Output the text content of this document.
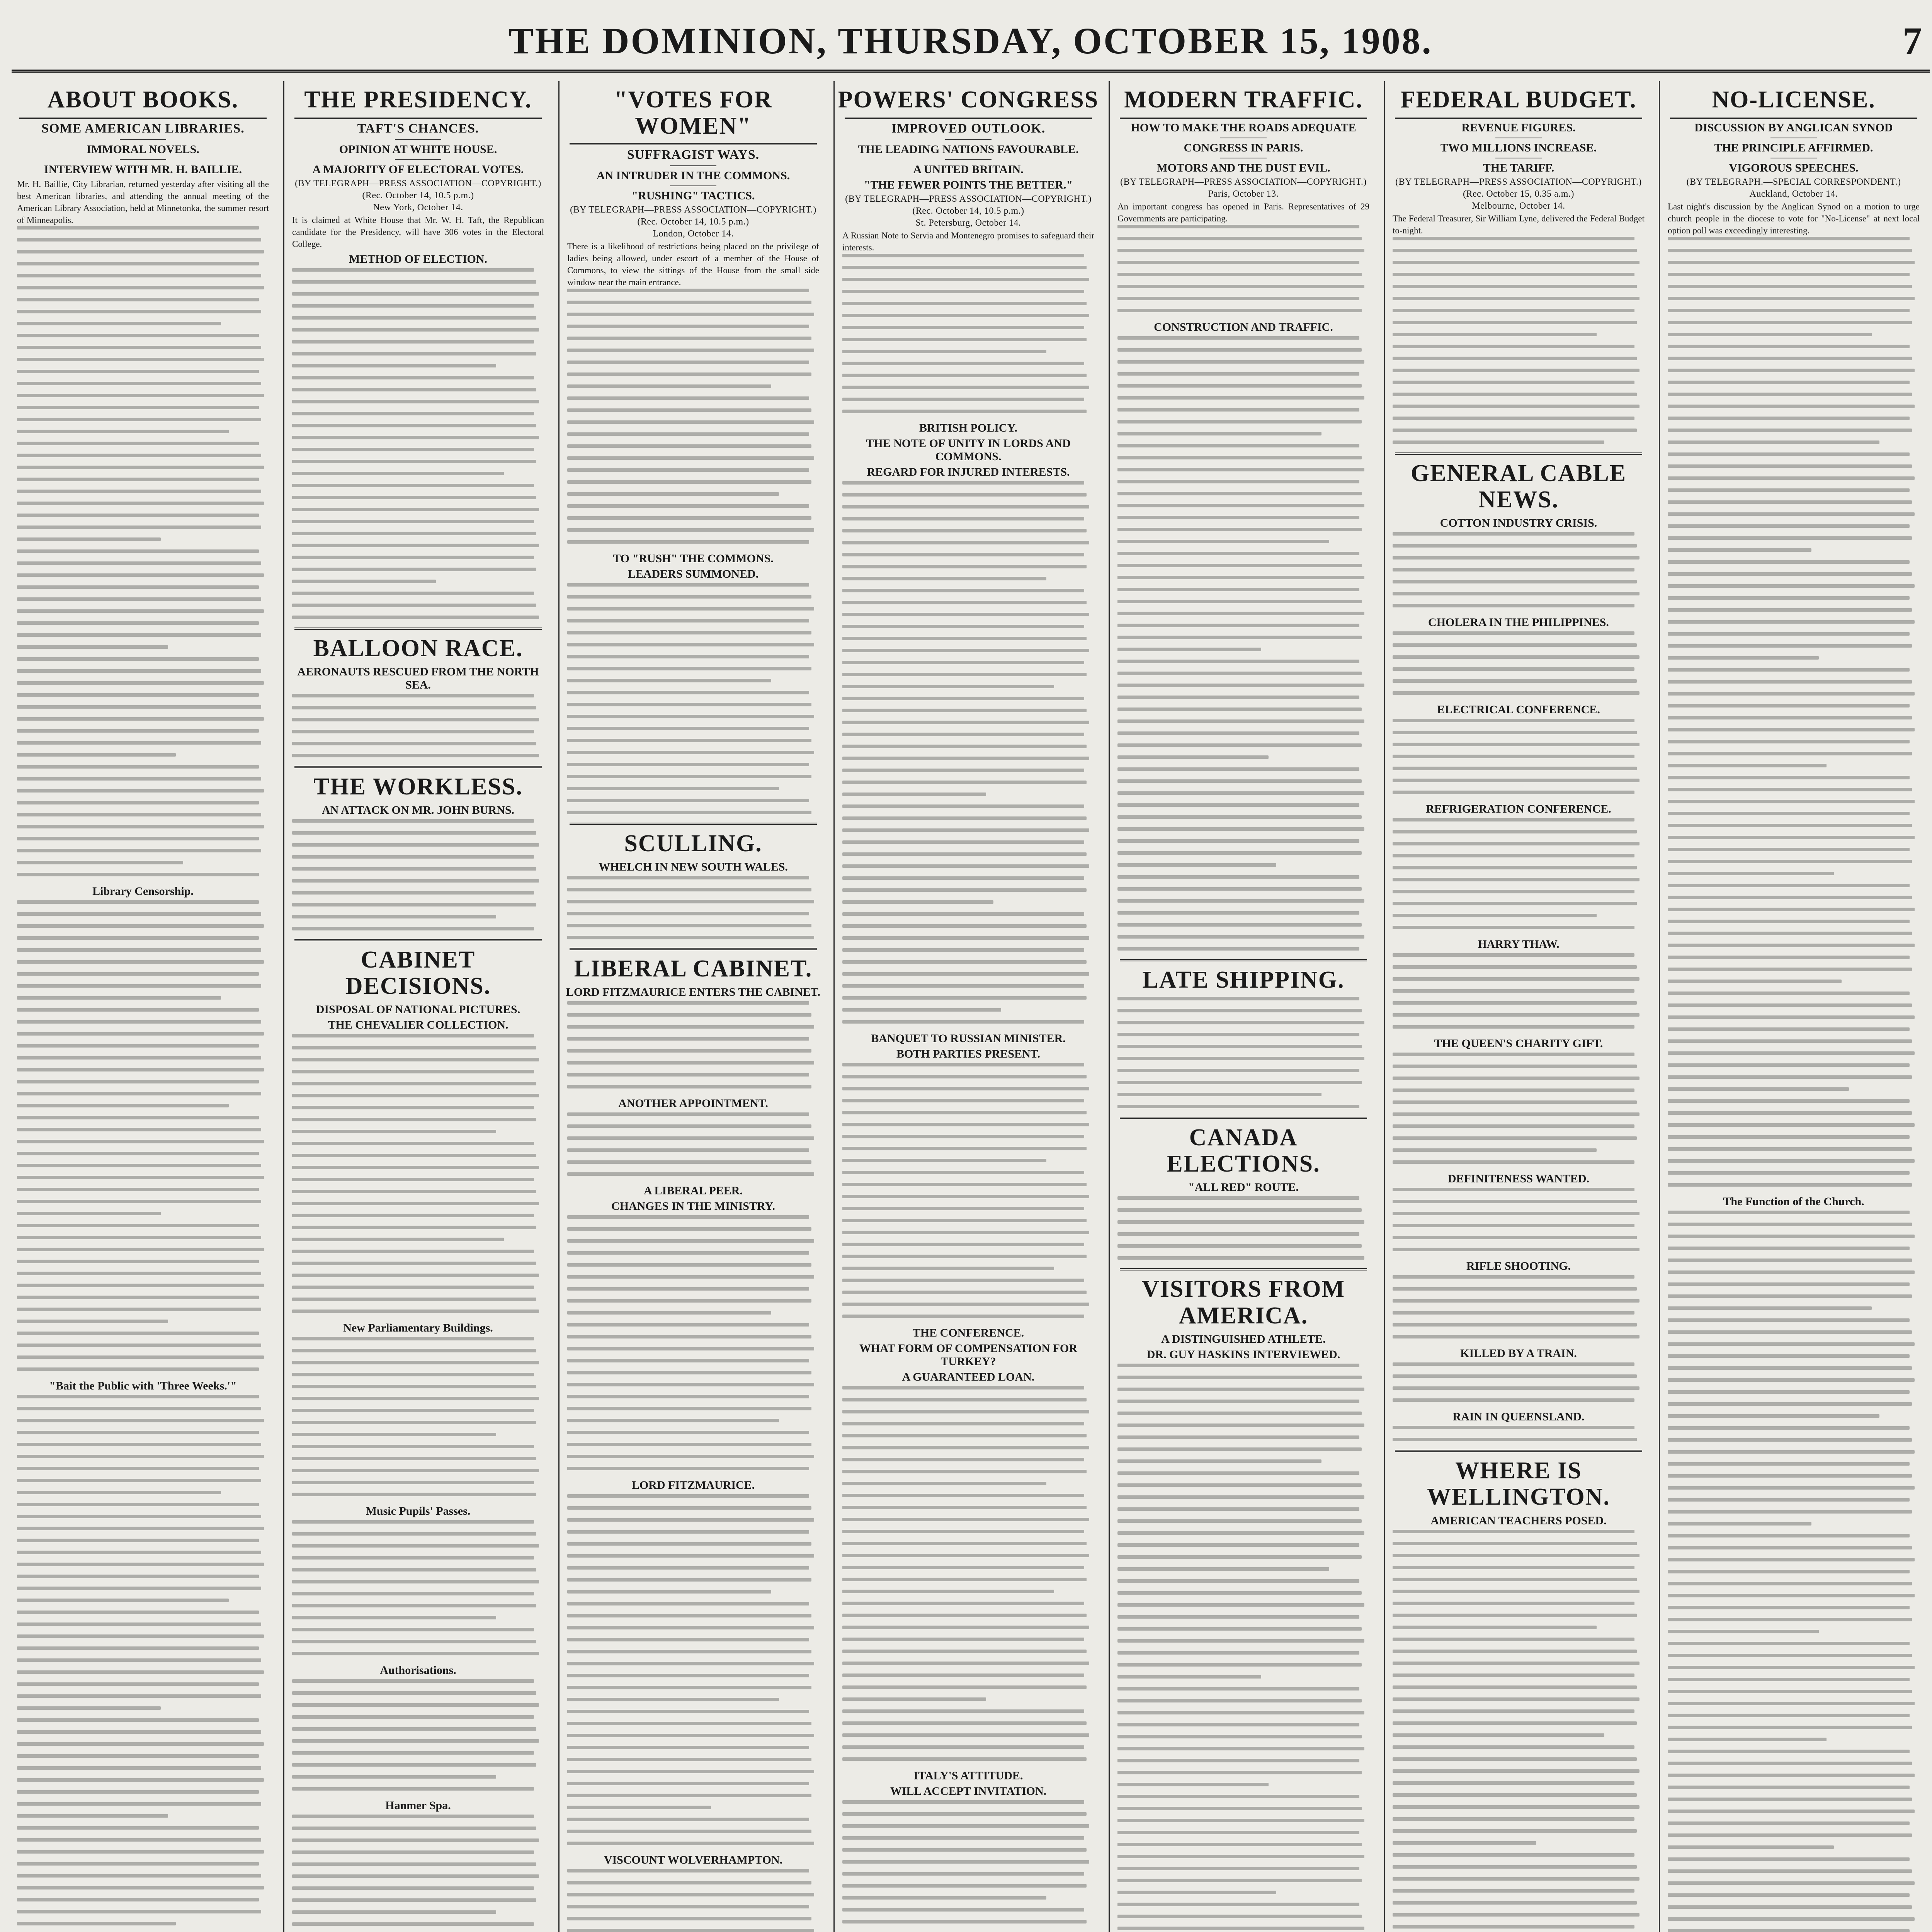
THE DOMINION, THURSDAY, OCTOBER 15, 1908.	7
ABOUT BOOKS.
SOME AMERICAN LIBRARIES.
IMMORAL NOVELS.
INTERVIEW WITH MR. H. BAILLIE.

Mr. H. Baillie, City Librarian, returned yesterday after visiting all the best American libraries, and attending the annual meeting of the American Library Association, held at Minnetonka, the summer resort of Minneapolis.

Library Censorship.
"Bait the Public with 'Three Weeks.'"
THE PRESIDENCY.
TAFT'S CHANCES.
OPINION AT WHITE HOUSE.
A MAJORITY OF ELECTORAL VOTES.
(BY TELEGRAPH—PRESS ASSOCIATION—COPYRIGHT.)
(Rec. October 14, 10.5 p.m.)
New York, October 14.

It is claimed at White House that Mr. W. H. Taft, the Republican candidate for the Presidency, will have 306 votes in the Electoral College.

METHOD OF ELECTION.
BALLOON RACE.
AERONAUTS RESCUED FROM THE NORTH SEA.
THE WORKLESS.
AN ATTACK ON MR. JOHN BURNS.
CABINET DECISIONS.
DISPOSAL OF NATIONAL PICTURES.
THE CHEVALIER COLLECTION.
New Parliamentary Buildings.
Music Pupils' Passes.
Authorisations.
Hanmer Spa.
"VOTES FOR WOMEN"
SUFFRAGIST WAYS.
AN INTRUDER IN THE COMMONS.
"RUSHING" TACTICS.
(BY TELEGRAPH—PRESS ASSOCIATION—COPYRIGHT.)
(Rec. October 14, 10.5 p.m.)
London, October 14.

There is a likelihood of restrictions being placed on the privilege of ladies being allowed, under escort of a member of the House of Commons, to view the sittings of the House from the small side window near the main entrance.

TO "RUSH" THE COMMONS.
LEADERS SUMMONED.
SCULLING.
WHELCH IN NEW SOUTH WALES.
LIBERAL CABINET.
LORD FITZMAURICE ENTERS THE CABINET.
ANOTHER APPOINTMENT.
A LIBERAL PEER.
CHANGES IN THE MINISTRY.
LORD FITZMAURICE.
VISCOUNT WOLVERHAMPTON.
POWERS' CONGRESS
IMPROVED OUTLOOK.
THE LEADING NATIONS FAVOURABLE.
A UNITED BRITAIN.
"THE FEWER POINTS THE BETTER."
(BY TELEGRAPH—PRESS ASSOCIATION—COPYRIGHT.)
(Rec. October 14, 10.5 p.m.)
St. Petersburg, October 14.

A Russian Note to Servia and Montenegro promises to safeguard their interests.

BRITISH POLICY.
THE NOTE OF UNITY IN LORDS AND COMMONS.
REGARD FOR INJURED INTERESTS.
BANQUET TO RUSSIAN MINISTER.
BOTH PARTIES PRESENT.
THE CONFERENCE.
WHAT FORM OF COMPENSATION FOR TURKEY?
A GUARANTEED LOAN.
ITALY'S ATTITUDE.
WILL ACCEPT INVITATION.
MODERN TRAFFIC.
HOW TO MAKE THE ROADS ADEQUATE
CONGRESS IN PARIS.
MOTORS AND THE DUST EVIL.
(BY TELEGRAPH—PRESS ASSOCIATION—COPYRIGHT.)
Paris, October 13.

An important congress has opened in Paris. Representatives of 29 Governments are participating.

CONSTRUCTION AND TRAFFIC.
LATE SHIPPING.
CANADA ELECTIONS.
"ALL RED" ROUTE.
VISITORS FROM AMERICA.
A DISTINGUISHED ATHLETE.
DR. GUY HASKINS INTERVIEWED.
FEDERAL BUDGET.
REVENUE FIGURES.
TWO MILLIONS INCREASE.
THE TARIFF.
(BY TELEGRAPH—PRESS ASSOCIATION—COPYRIGHT.)
(Rec. October 15, 0.35 a.m.)
Melbourne, October 14.

The Federal Treasurer, Sir William Lyne, delivered the Federal Budget to-night.

GENERAL CABLE NEWS.
COTTON INDUSTRY CRISIS.
CHOLERA IN THE PHILIPPINES.
ELECTRICAL CONFERENCE.
REFRIGERATION CONFERENCE.
HARRY THAW.
THE QUEEN'S CHARITY GIFT.
DEFINITENESS WANTED.
RIFLE SHOOTING.
KILLED BY A TRAIN.
RAIN IN QUEENSLAND.
WHERE IS WELLINGTON.
AMERICAN TEACHERS POSED.
NO-LICENSE.
DISCUSSION BY ANGLICAN SYNOD
THE PRINCIPLE AFFIRMED.
VIGOROUS SPEECHES.
(BY TELEGRAPH.—SPECIAL CORRESPONDENT.)
Auckland, October 14.

Last night's discussion by the Anglican Synod on a motion to urge church people in the diocese to vote for "No-License" at next local option poll was exceedingly interesting.

The Function of the Church.
